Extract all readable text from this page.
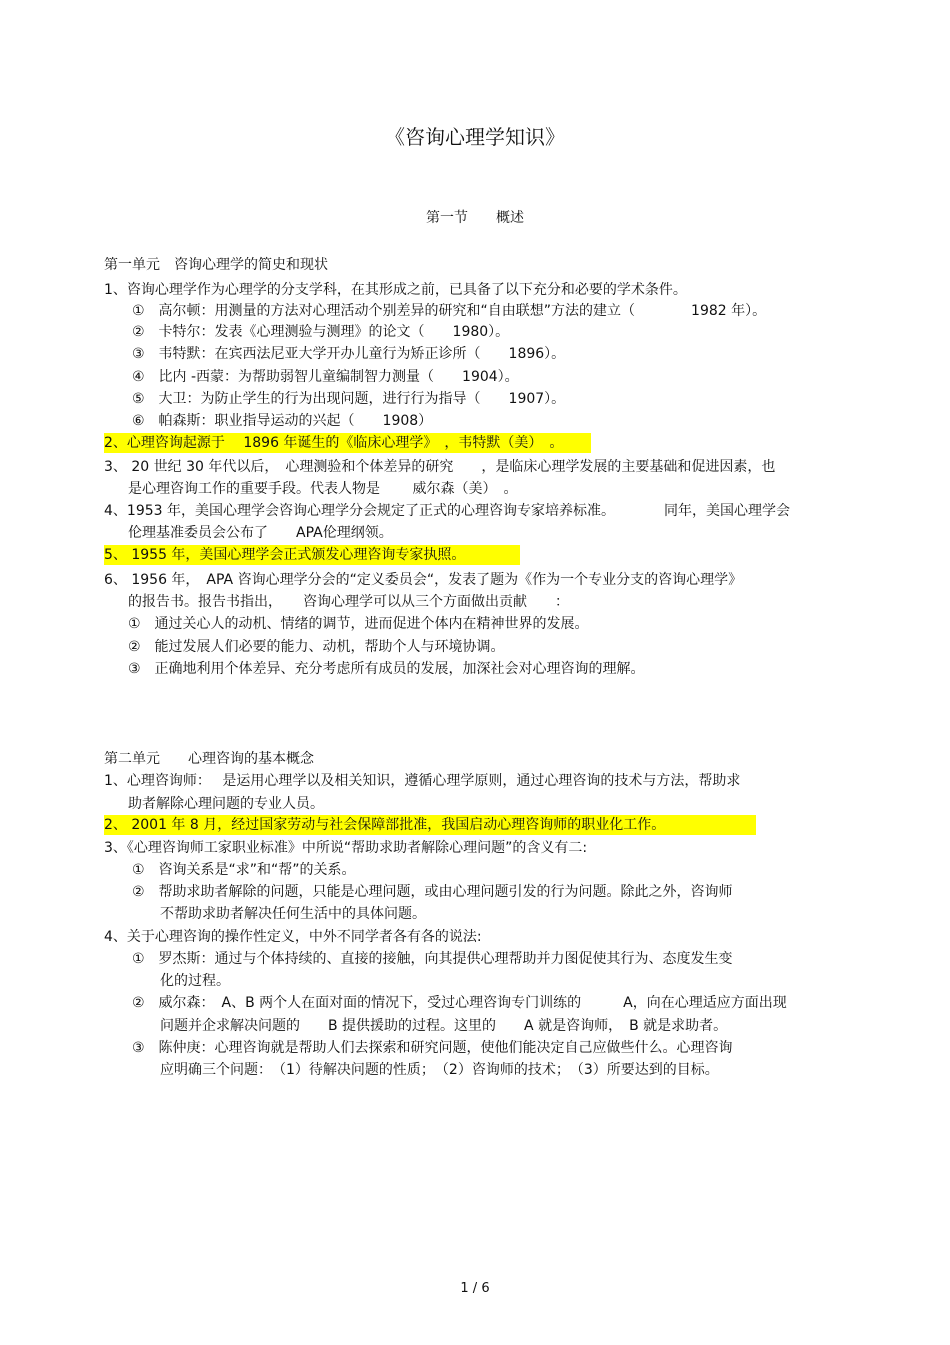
《咨询心理学知识》
第一节　　概述
第一单元　咨询心理学的简史和现状
1、咨询心理学作为心理学的分支学科，在其形成之前，已具备了以下充分和必要的学术条件。
①　高尔顿：用测量的方法对心理活动个别差异的研究和“自由联想”方法的建立（　　　　1982 年）。
②　卡特尔：发表《心理测验与测理》的论文（　　1980）。
③　韦特默：在宾西法尼亚大学开办儿童行为矫正诊所（　　1896）。
④　比内 -西蒙：为帮助弱智儿童编制智力测量（　　1904）。
⑤　大卫：为防止学生的行为出现问题，进行行为指导（　　1907）。
⑥　帕森斯：职业指导运动的兴起（　　1908）
2、心理咨询起源于　 1896 年诞生的《临床心理学》　，韦特默（美）　。
3、 20 世纪 30 年代以后，　心理测验和个体差异的研究　　，是临床心理学发展的主要基础和促进因素，也
是心理咨询工作的重要手段。代表人物是　　 威尔森（美）　。
4、1953 年，美国心理学会咨询心理学分会规定了正式的心理咨询专家培养标准。　　　　同年，美国心理学会
伦理基准委员会公布了　　APA伦理纲领。
5、 1955 年，美国心理学会正式颁发心理咨询专家执照。
6、 1956 年，　APA 咨询心理学分会的“定义委员会“，发表了题为《作为一个专业分支的咨询心理学》
的报告书。报告书指出，　　咨询心理学可以从三个方面做出贡献　　：
①　通过关心人的动机、情绪的调节，进而促进个体内在精神世界的发展。
②　能过发展人们必要的能力、动机，帮助个人与环境协调。
③　正确地利用个体差异、充分考虑所有成员的发展，加深社会对心理咨询的理解。
第二单元　　心理咨询的基本概念
1、心理咨询师：　 是运用心理学以及相关知识，遵循心理学原则，通过心理咨询的技术与方法，帮助求
助者解除心理问题的专业人员。
2、 2001 年 8 月，经过国家劳动与社会保障部批准，我国启动心理咨询师的职业化工作。
3、《心理咨询师工家职业标准》中所说“帮助求助者解除心理问题”的含义有二:
①　咨询关系是“求”和“帮”的关系。
②　帮助求助者解除的问题，只能是心理问题，或由心理问题引发的行为问题。除此之外，咨询师
不帮助求助者解决任何生活中的具体问题。
4、关于心理咨询的操作性定义，中外不同学者各有各的说法:
①　罗杰斯：通过与个体持续的、直接的接触，向其提供心理帮助并力图促使其行为、态度发生变
化的过程。
②　威尔森：　A、B 两个人在面对面的情况下，受过心理咨询专门训练的　　　A，向在心理适应方面出现
问题并企求解决问题的　　B 提供援助的过程。这里的　　A 就是咨询师，　B 就是求助者。
③　陈仲庚：心理咨询就是帮助人们去探索和研究问题，使他们能决定自己应做些什么。心理咨询
应明确三个问题：　（1）待解决问题的性质；　（2）咨询师的技术；　（3）所要达到的目标。
1 / 6
